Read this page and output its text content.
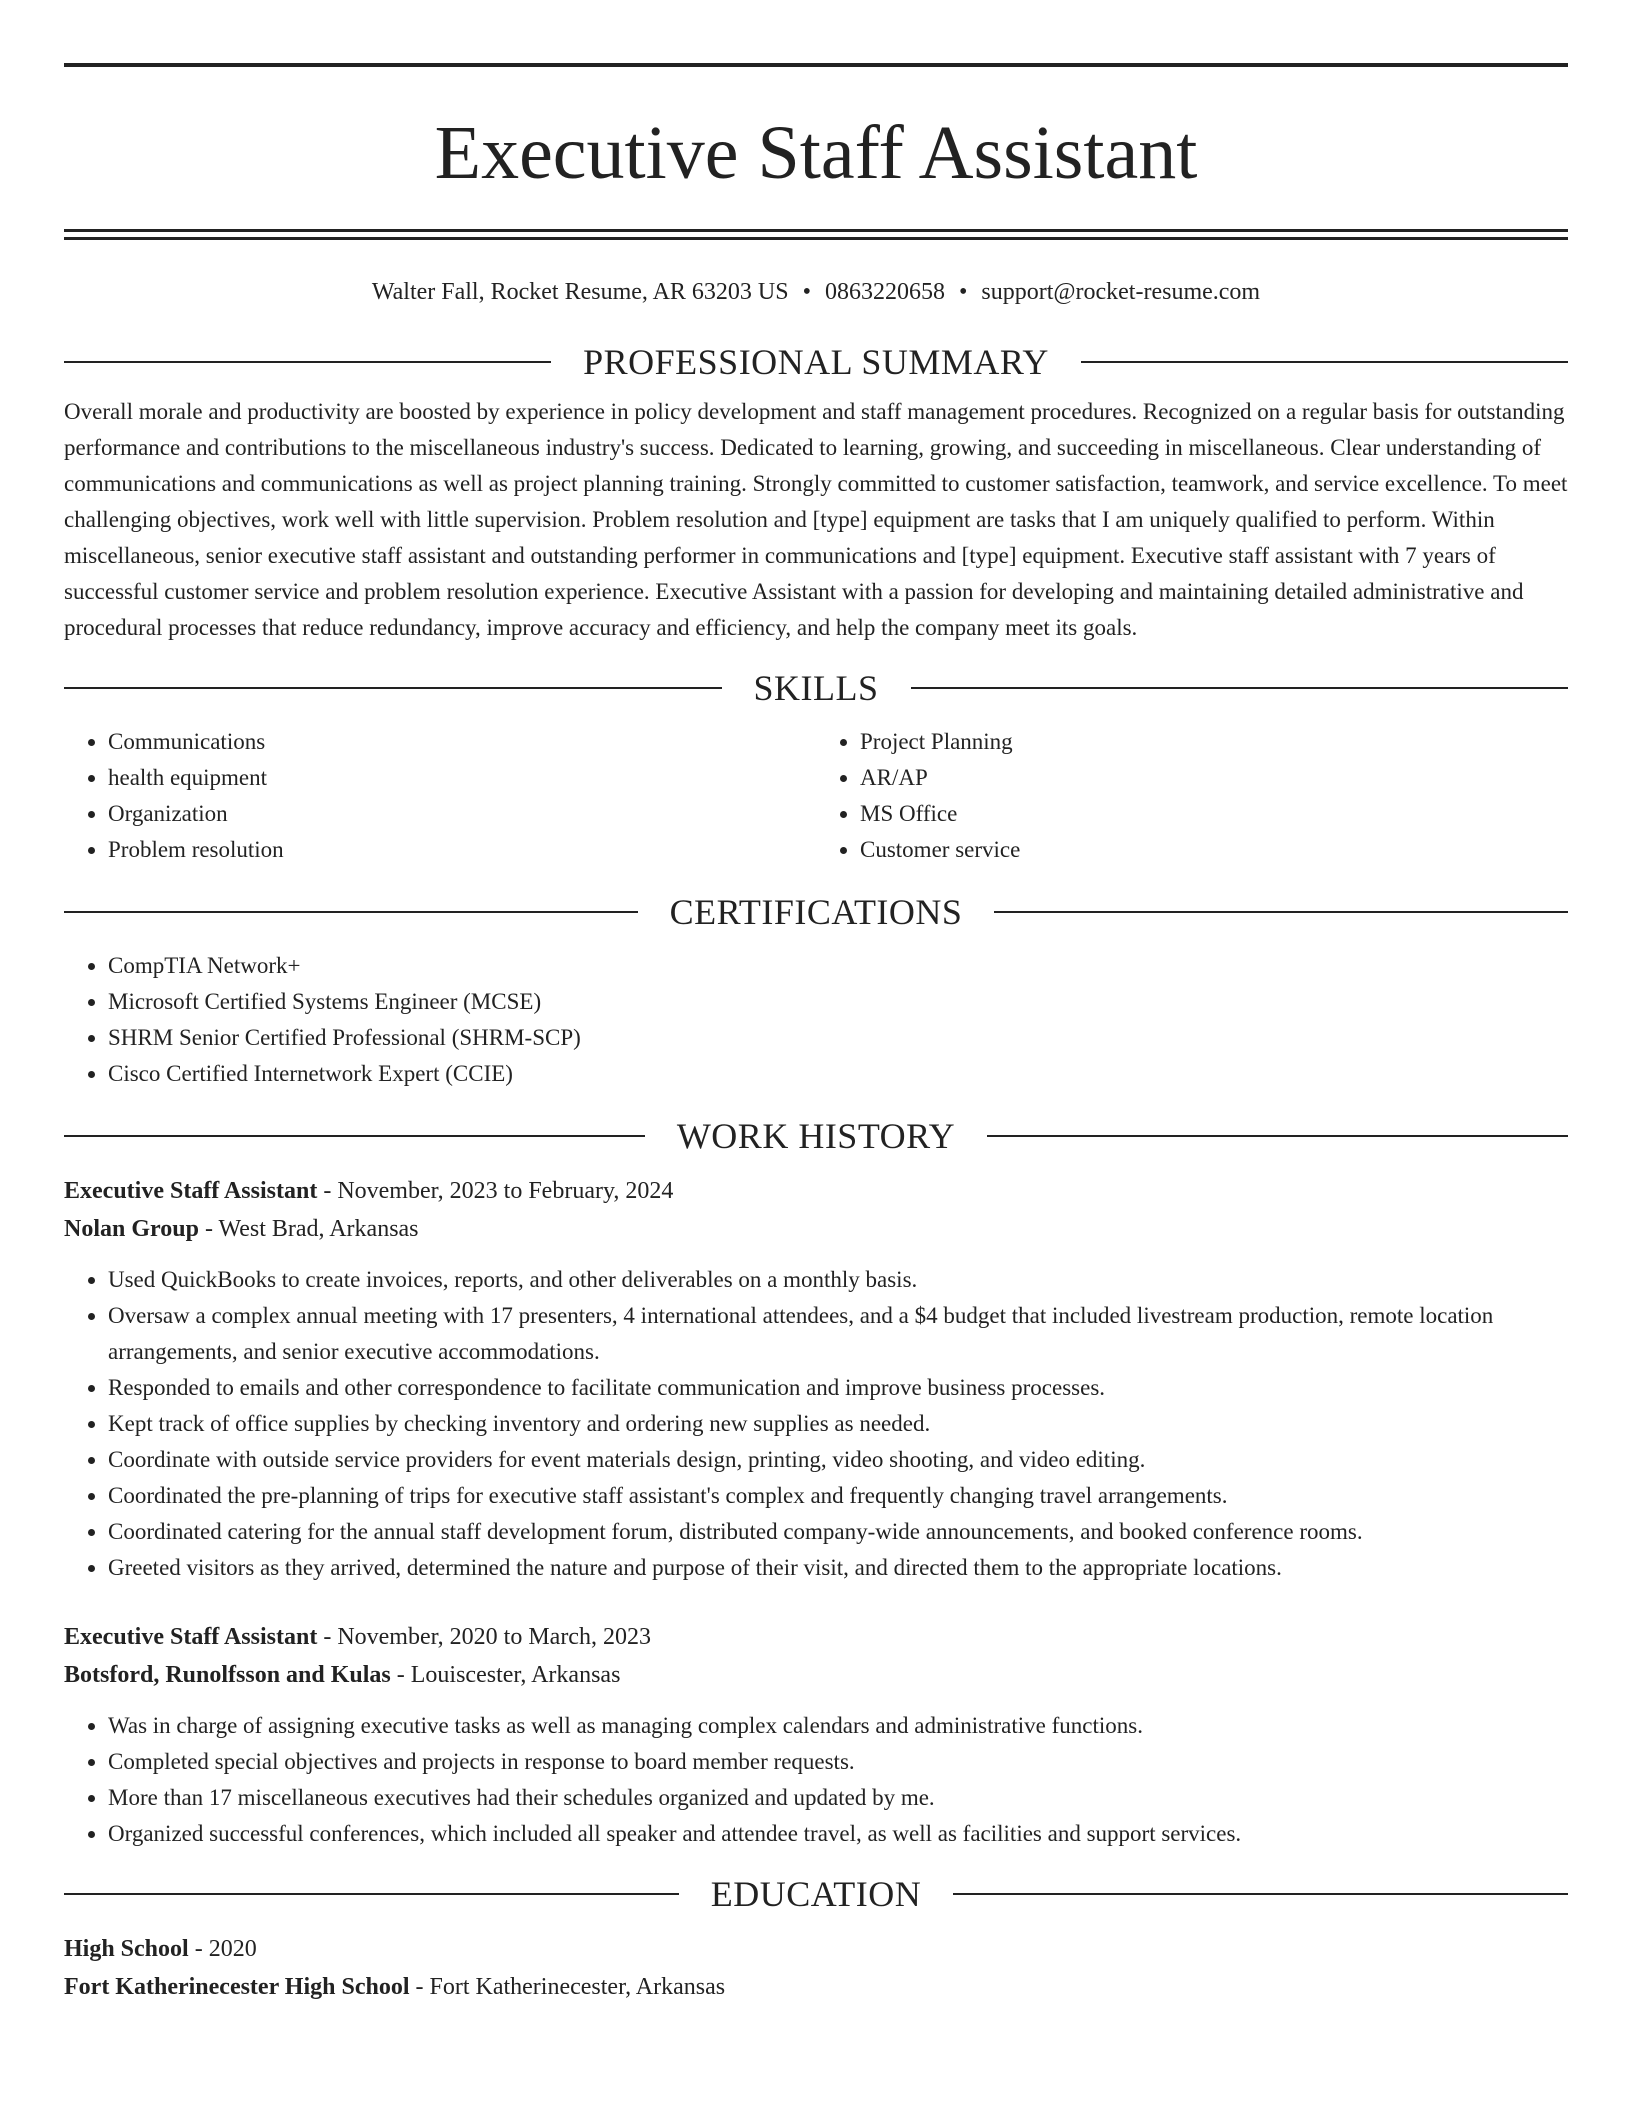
Executive Staff Assistant
Walter Fall, Rocket Resume, AR 63203 US • 0863220658 • support@rocket-resume.com
PROFESSIONAL SUMMARY

Overall morale and productivity are boosted by experience in policy development and staff management procedures. Recognized on a regular basis for outstanding performance and contributions to the miscellaneous industry's success. Dedicated to learning, growing, and succeeding in miscellaneous. Clear understanding of communications and communications as well as project planning training. Strongly committed to customer satisfaction, teamwork, and service excellence. To meet challenging objectives, work well with little supervision. Problem resolution and [type] equipment are tasks that I am uniquely qualified to perform. Within miscellaneous, senior executive staff assistant and outstanding performer in communications and [type] equipment. Executive staff assistant with 7 years of successful customer service and problem resolution experience. Executive Assistant with a passion for developing and maintaining detailed administrative and procedural processes that reduce redundancy, improve accuracy and efficiency, and help the company meet its goals.

SKILLS
• Communications
• health equipment
• Organization
• Problem resolution
• Project Planning
• AR/AP
• MS Office
• Customer service
CERTIFICATIONS
• CompTIA Network+
• Microsoft Certified Systems Engineer (MCSE)
• SHRM Senior Certified Professional (SHRM-SCP)
• Cisco Certified Internetwork Expert (CCIE)
WORK HISTORY
Executive Staff Assistant - November, 2023 to February, 2024
Nolan Group - West Brad, Arkansas
• Used QuickBooks to create invoices, reports, and other deliverables on a monthly basis.
• Oversaw a complex annual meeting with 17 presenters, 4 international attendees, and a $4 budget that included livestream production, remote location arrangements, and senior executive accommodations.
• Responded to emails and other correspondence to facilitate communication and improve business processes.
• Kept track of office supplies by checking inventory and ordering new supplies as needed.
• Coordinate with outside service providers for event materials design, printing, video shooting, and video editing.
• Coordinated the pre-planning of trips for executive staff assistant's complex and frequently changing travel arrangements.
• Coordinated catering for the annual staff development forum, distributed company-wide announcements, and booked conference rooms.
• Greeted visitors as they arrived, determined the nature and purpose of their visit, and directed them to the appropriate locations.
Executive Staff Assistant - November, 2020 to March, 2023
Botsford, Runolfsson and Kulas - Louiscester, Arkansas
• Was in charge of assigning executive tasks as well as managing complex calendars and administrative functions.
• Completed special objectives and projects in response to board member requests.
• More than 17 miscellaneous executives had their schedules organized and updated by me.
• Organized successful conferences, which included all speaker and attendee travel, as well as facilities and support services.
EDUCATION
High School - 2020
Fort Katherinecester High School - Fort Katherinecester, Arkansas
